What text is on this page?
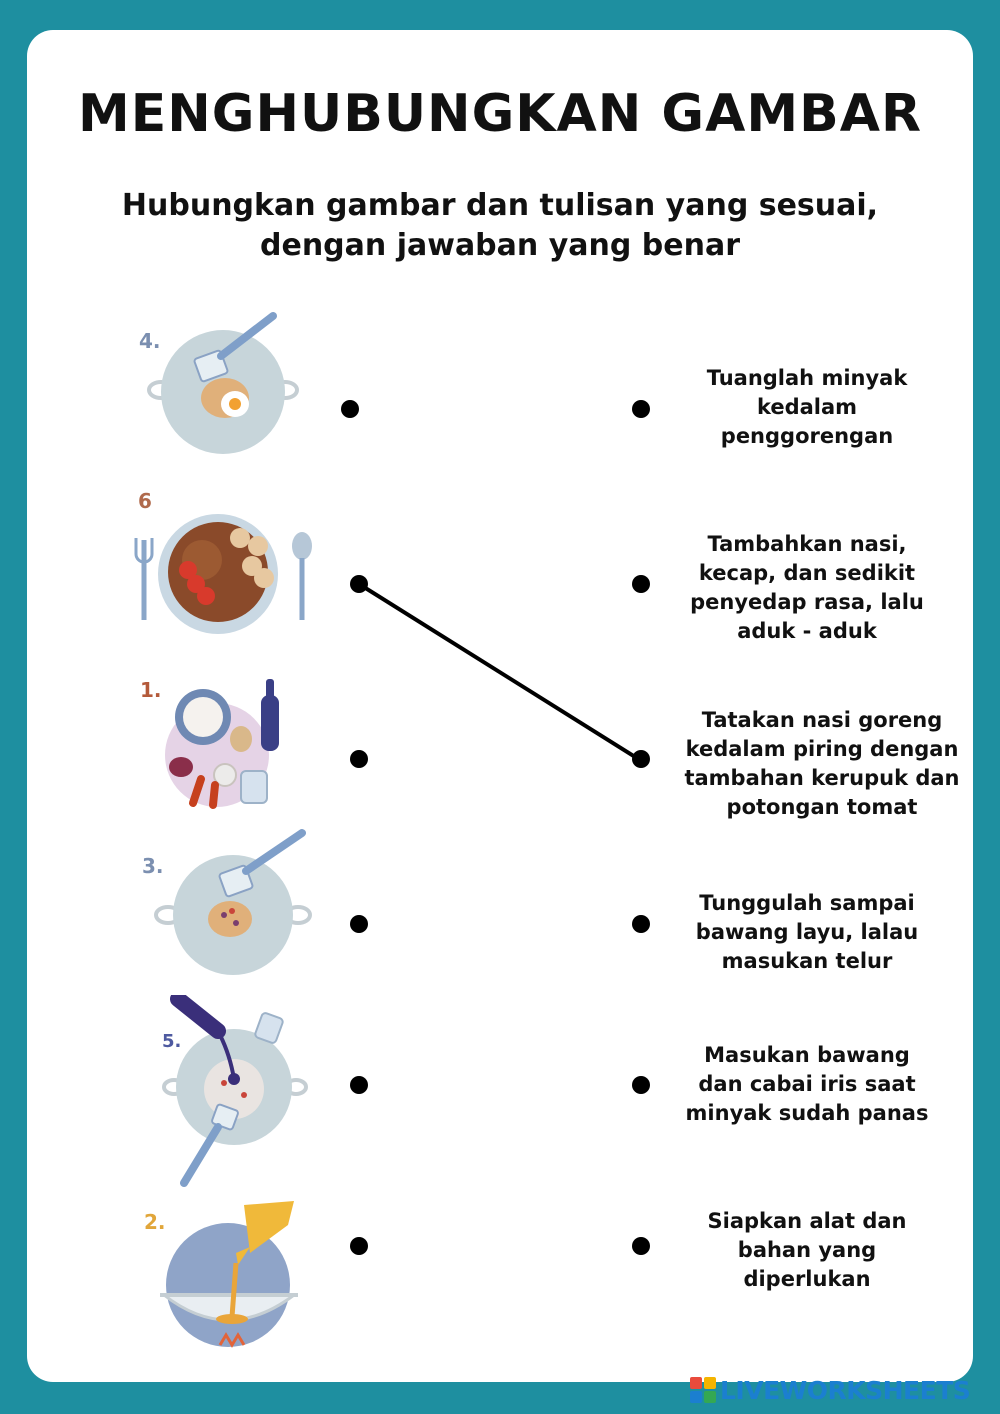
MENGHUBUNGKAN GAMBAR
Hubungkan gambar dan tulisan yang sesuai,
dengan jawaban yang benar
4.
6
1.
3.
5.
2.
Tuanglah minyak
kedalam
penggorengan
Tambahkan nasi,
kecap, dan sedikit
penyedap rasa, lalu
aduk - aduk
Tatakan nasi goreng
kedalam piring dengan
tambahan kerupuk dan
potongan tomat
Tunggulah sampai
bawang layu, lalau
masukan telur
Masukan bawang
dan cabai iris saat
minyak sudah panas
Siapkan alat dan
bahan yang
diperlukan
LIVEWORKSHEETS
